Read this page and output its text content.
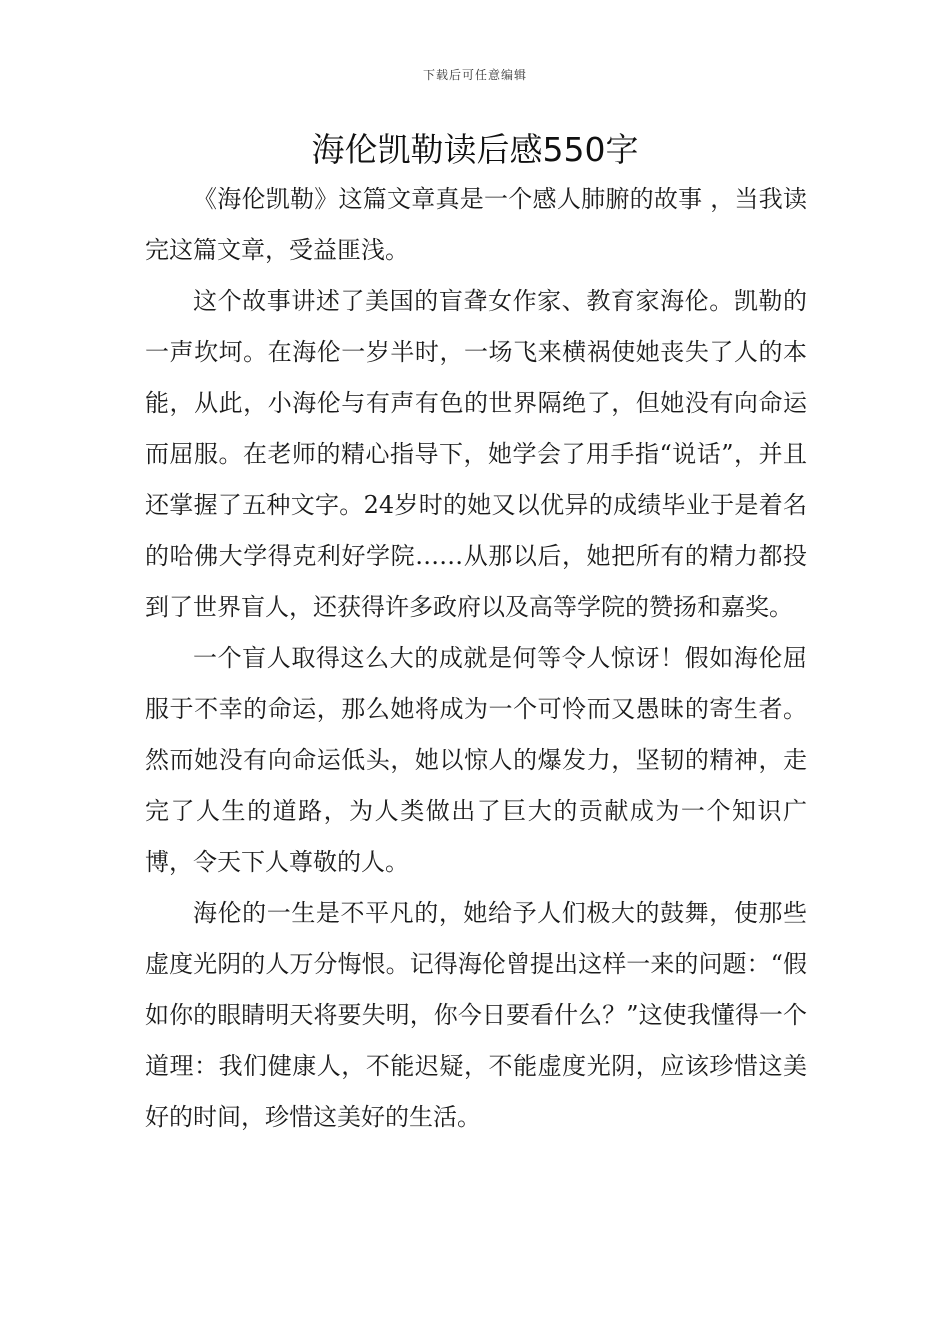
下载后可任意编辑
海伦凯勒读后感550字

《海伦凯勒》这篇文章真是一个感人肺腑的故事 ，当我读完这篇文章，受益匪浅。

这个故事讲述了美国的盲聋女作家、教育家海伦。凯勒的一声坎坷。在海伦一岁半时，一场飞来横祸使她丧失了人的本能，从此，小海伦与有声有色的世界隔绝了，但她没有向命运而屈服。在老师的精心指导下，她学会了用手指“说话”，并且还掌握了五种文字。24岁时的她又以优异的成绩毕业于是着名的哈佛大学得克利好学院……从那以后，她把所有的精力都投到了世界盲人，还获得许多政府以及高等学院的赞扬和嘉奖。

一个盲人取得这么大的成就是何等令人惊讶！假如海伦屈服于不幸的命运，那么她将成为一个可怜而又愚昧的寄生者。然而她没有向命运低头，她以惊人的爆发力，坚韧的精神，走完了人生的道路，为人类做出了巨大的贡献成为一个知识广博，令天下人尊敬的人。

海伦的一生是不平凡的，她给予人们极大的鼓舞，使那些虚度光阴的人万分悔恨。记得海伦曾提出这样一来的问题：“假如你的眼睛明天将要失明，你今日要看什么？”这使我懂得一个道理：我们健康人，不能迟疑，不能虚度光阴，应该珍惜这美好的时间，珍惜这美好的生活。
